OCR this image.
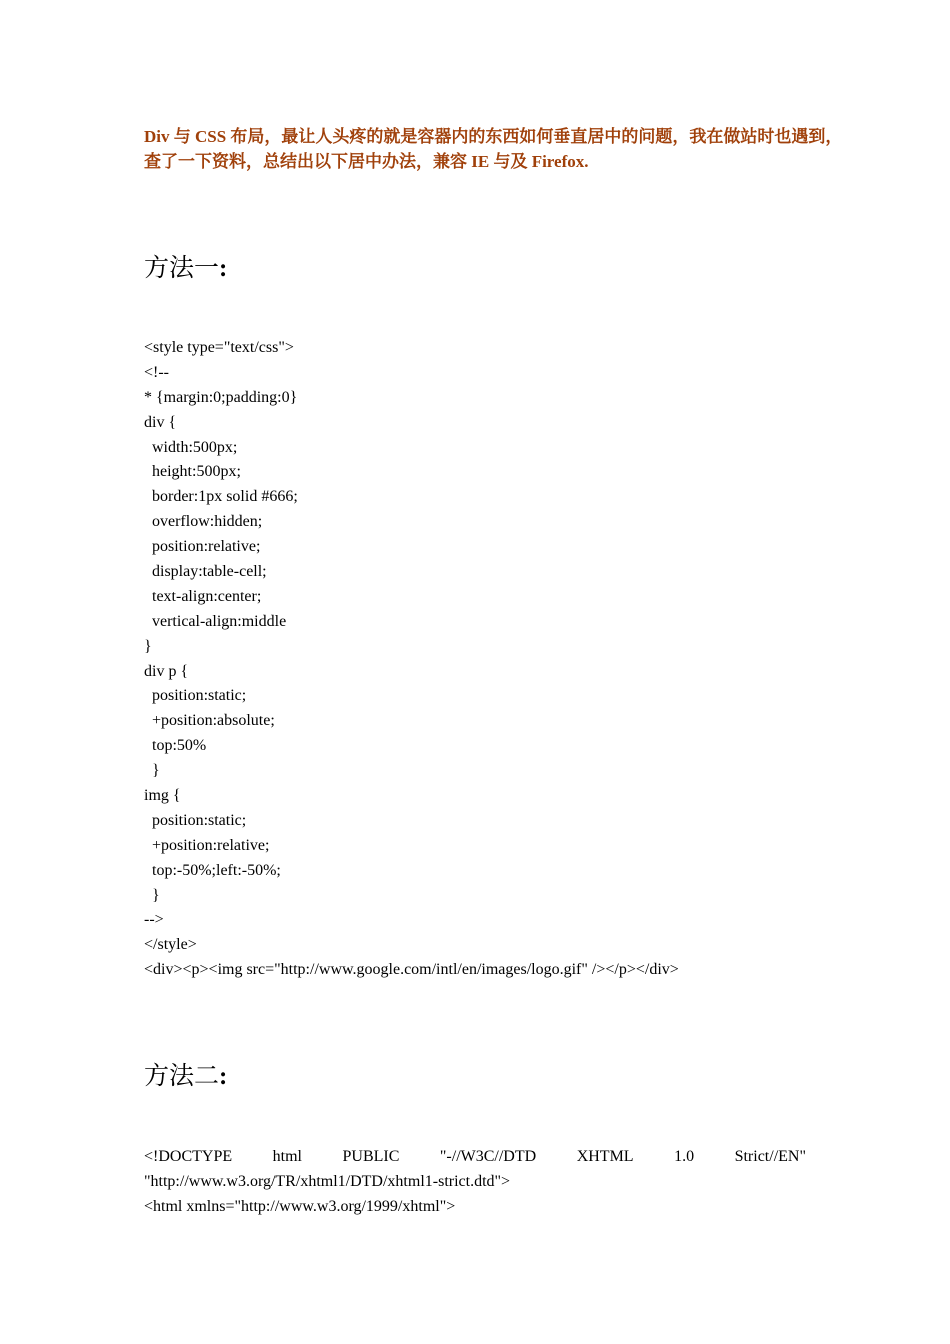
Div 与 CSS 布局，最让人头疼的就是容器内的东西如何垂直居中的问题，我在做站时也遇到，
查了一下资料，总结出以下居中办法，兼容 IE 与及 Firefox.

方法一:
<style type="text/css">
<!--
* {margin:0;padding:0}
div {
width:500px;
height:500px;
border:1px solid #666;
overflow:hidden;
position:relative;
display:table-cell;
text-align:center;
vertical-align:middle
}
div p {
position:static;
+position:absolute;
top:50%
}
img {
position:static;
+position:relative;
top:-50%;left:-50%;
}
-->
</style>
<div><p><img src="http://www.google.com/intl/en/images/logo.gif" /></p></div>
方法二:
<!DOCTYPE	html	PUBLIC	"-//W3C//DTD	XHTML	1.0	Strict//EN"
"http://www.w3.org/TR/xhtml1/DTD/xhtml1-strict.dtd">
<html xmlns="http://www.w3.org/1999/xhtml">
